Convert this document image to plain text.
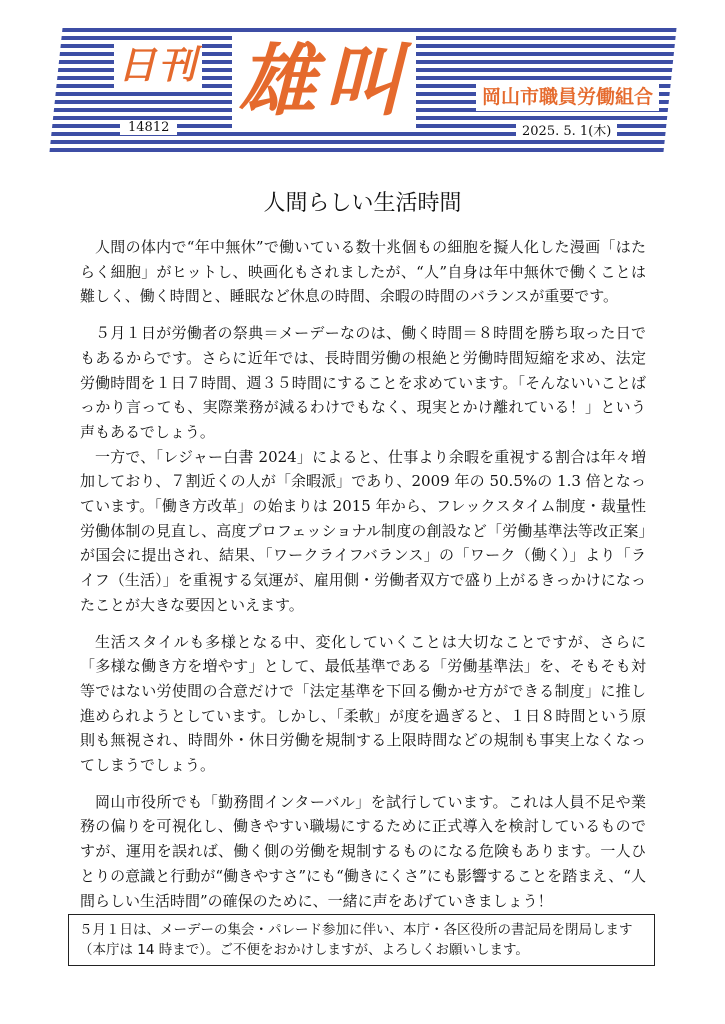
日刊 雄叫	岡山市職員労働組合
14812	2025. 5. 1(木)
人間らしい生活時間

人間の体内で“年中無休”で働いている数十兆個もの細胞を擬人化した漫画「はたらく細胞」がヒットし、映画化もされましたが、“人”自身は年中無休で働くことは難しく、働く時間と、睡眠など休息の時間、余暇の時間のバランスが重要です。

５月１日が労働者の祭典＝メーデーなのは、働く時間＝８時間を勝ち取った日でもあるからです。さらに近年では、長時間労働の根絶と労働時間短縮を求め、法定労働時間を１日７時間、週３５時間にすることを求めています。「そんないいことばっかり言っても、実際業務が減るわけでもなく、現実とかけ離れている！」という声もあるでしょう。

一方で、「レジャー白書 2024」によると、仕事より余暇を重視する割合は年々増加しており、７割近くの人が「余暇派」であり、2009 年の 50.5%の 1.3 倍となっています。「働き方改革」の始まりは 2015 年から、フレックスタイム制度・裁量性労働体制の見直し、高度プロフェッショナル制度の創設など「労働基準法等改正案」が国会に提出され、結果、「ワークライフバランス」の「ワーク（働く）」より「ライフ（生活）」を重視する気運が、雇用側・労働者双方で盛り上がるきっかけになったことが大きな要因といえます。

生活スタイルも多様となる中、変化していくことは大切なことですが、さらに「多様な働き方を増やす」として、最低基準である「労働基準法」を、そもそも対等ではない労使間の合意だけで「法定基準を下回る働かせ方ができる制度」に推し進められようとしています。しかし、「柔軟」が度を過ぎると、１日８時間という原則も無視され、時間外・休日労働を規制する上限時間などの規制も事実上なくなってしまうでしょう。

岡山市役所でも「勤務間インターバル」を試行しています。これは人員不足や業務の偏りを可視化し、働きやすい職場にするために正式導入を検討しているものですが、運用を誤れば、働く側の労働を規制するものになる危険もあります。一人ひとりの意識と行動が“働きやすさ”にも“働きにくさ”にも影響することを踏まえ、“人間らしい生活時間”の確保のために、一緒に声をあげていきましょう！

５月１日は、メーデーの集会・パレード参加に伴い、本庁・各区役所の書記局を閉局します
（本庁は 14 時まで）。ご不便をおかけしますが、よろしくお願いします。
